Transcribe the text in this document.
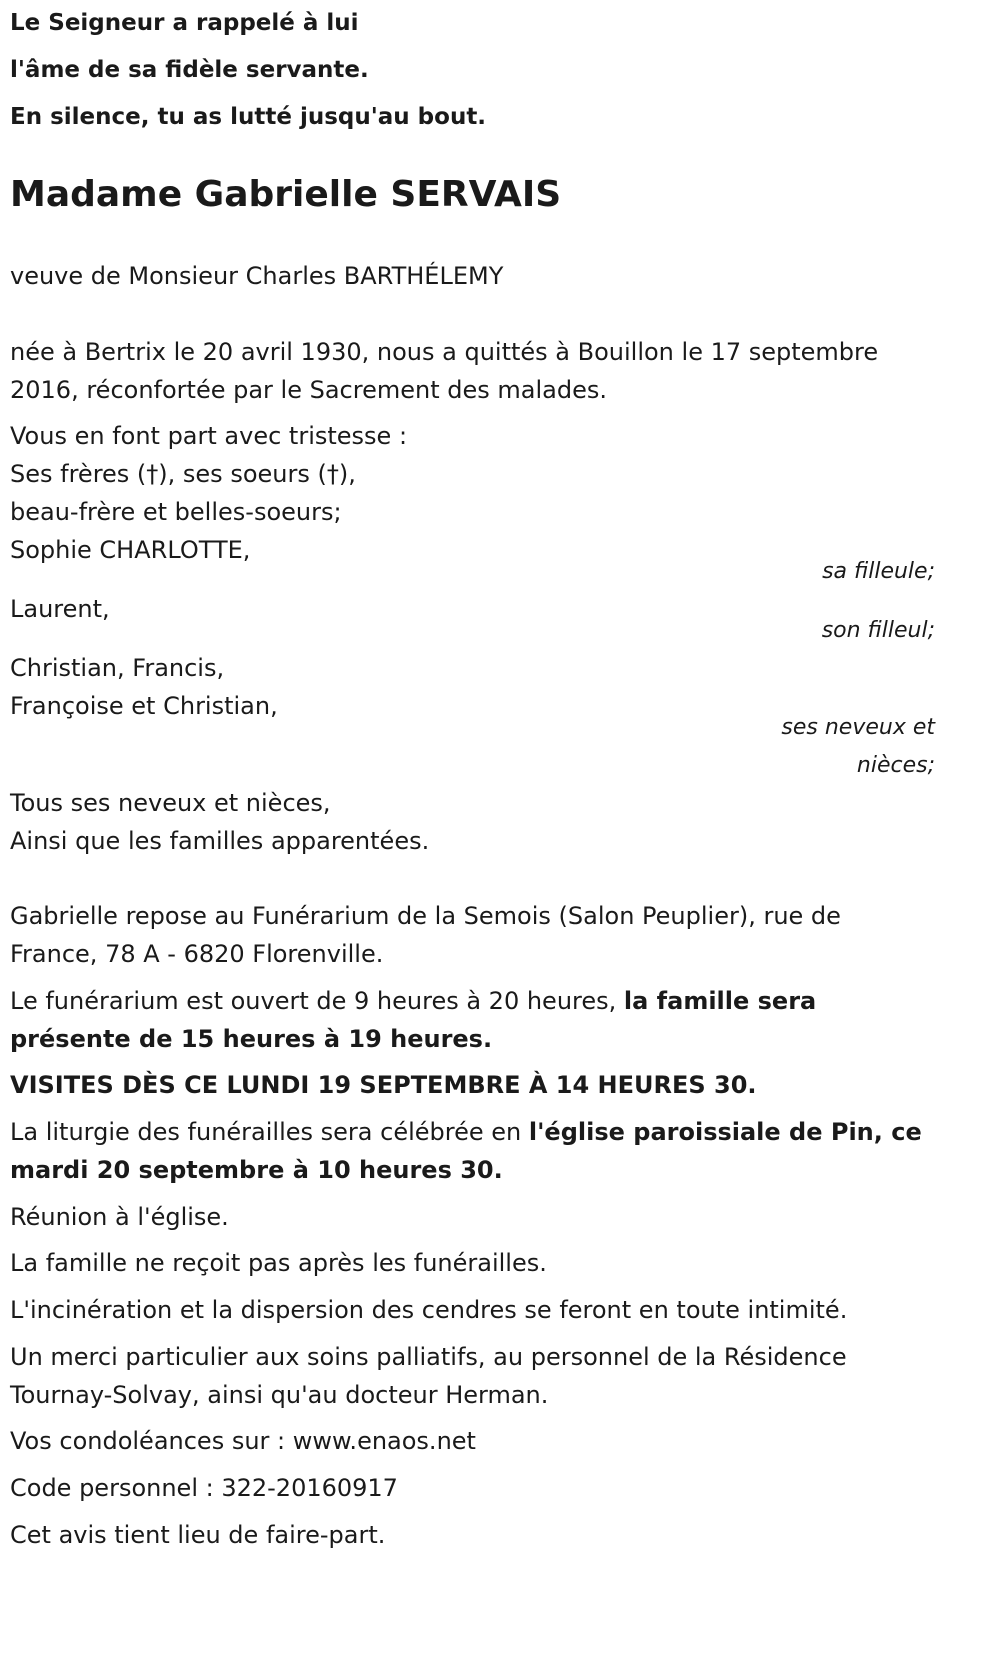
Le Seigneur a rappelé à lui
l'âme de sa fidèle servante.
En silence, tu as lutté jusqu'au bout.
Madame Gabrielle SERVAIS
veuve de Monsieur Charles BARTHÉLEMY
née à Bertrix le 20 avril 1930, nous a quittés à Bouillon le 17 septembre
2016, réconfortée par le Sacrement des malades.
Vous en font part avec tristesse :
Ses frères (†), ses soeurs (†),
beau-frère et belles-soeurs;
Sophie CHARLOTTE,
sa filleule;
Laurent,
son filleul;
Christian, Francis,
Françoise et Christian,
ses neveux et
nièces;
Tous ses neveux et nièces,
Ainsi que les familles apparentées.
Gabrielle repose au Funérarium de la Semois (Salon Peuplier), rue de
France, 78 A - 6820 Florenville.
Le funérarium est ouvert de 9 heures à 20 heures, la famille sera
présente de 15 heures à 19 heures.
VISITES DÈS CE LUNDI 19 SEPTEMBRE À 14 HEURES 30.
La liturgie des funérailles sera célébrée en l'église paroissiale de Pin, ce
mardi 20 septembre à 10 heures 30.
Réunion à l'église.
La famille ne reçoit pas après les funérailles.
L'incinération et la dispersion des cendres se feront en toute intimité.
Un merci particulier aux soins palliatifs, au personnel de la Résidence
Tournay-Solvay, ainsi qu'au docteur Herman.
Vos condoléances sur : www.enaos.net
Code personnel : 322-20160917
Cet avis tient lieu de faire-part.
